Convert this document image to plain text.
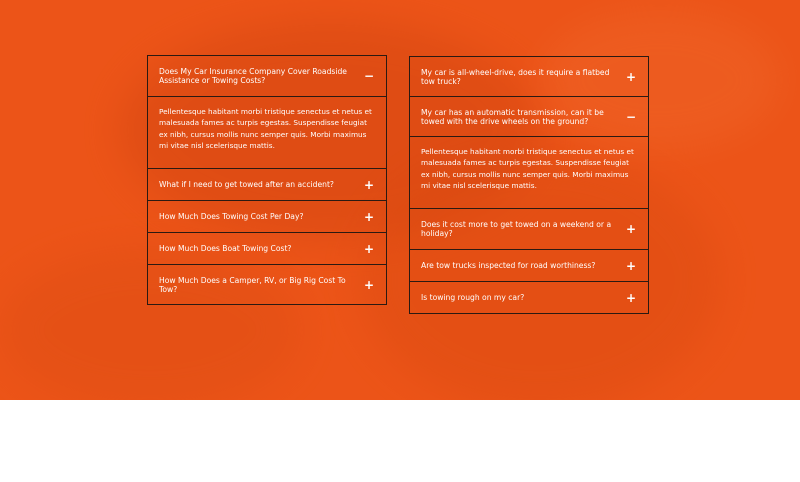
Does My Car Insurance Company Cover Roadside Assistance or Towing Costs?	−
Pellentesque habitant morbi tristique senectus et netus et malesuada fames ac turpis egestas. Suspendisse feugiat ex nibh, cursus mollis nunc semper quis. Morbi maximus mi vitae nisl scelerisque mattis.
What if I need to get towed after an accident?	+
How Much Does Towing Cost Per Day?	+
How Much Does Boat Towing Cost?	+
How Much Does a Camper, RV, or Big Rig Cost To Tow?	+
My car is all-wheel-drive, does it require a flatbed tow truck?	+
My car has an automatic transmission, can it be towed with the drive wheels on the ground?	−
Pellentesque habitant morbi tristique senectus et netus et malesuada fames ac turpis egestas. Suspendisse feugiat ex nibh, cursus mollis nunc semper quis. Morbi maximus mi vitae nisl scelerisque mattis.
Does it cost more to get towed on a weekend or a holiday?	+
Are tow trucks inspected for road worthiness?	+
Is towing rough on my car?	+
